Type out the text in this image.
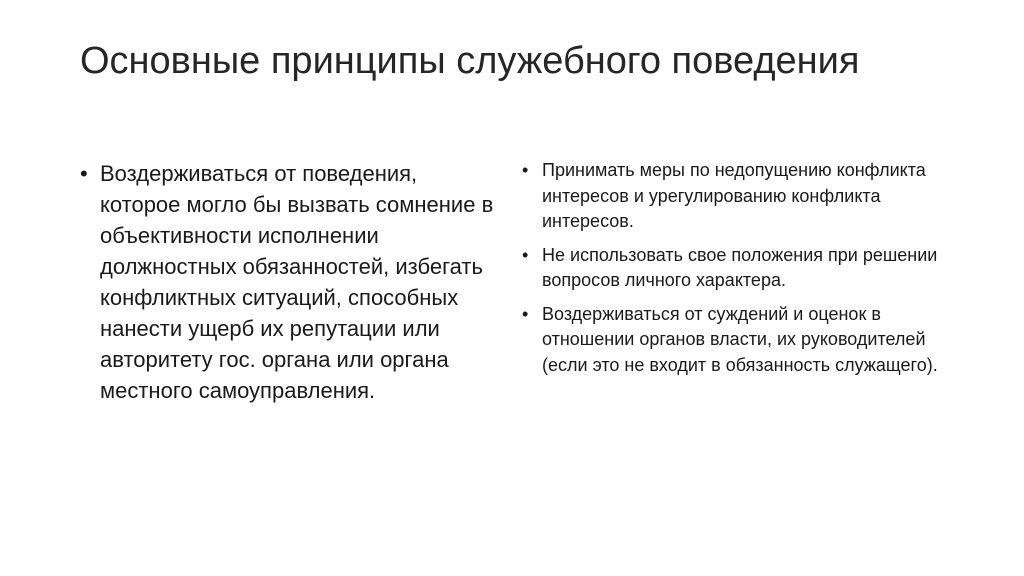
Основные принципы служебного поведения
• Воздерживаться от поведения, которое могло бы вызвать сомнение в объективности исполнении должностных обязанностей, избегать конфликтных ситуаций, способных нанести ущерб их репутации или авторитету гос. органа или органа местного самоуправления.
• Принимать меры по недопущению конфликта интересов и урегулированию конфликта интересов.
• Не использовать свое положения при решении вопросов личного характера.
• Воздерживаться от суждений и оценок в отношении органов власти, их руководителей (если это не входит в обязанность служащего).
